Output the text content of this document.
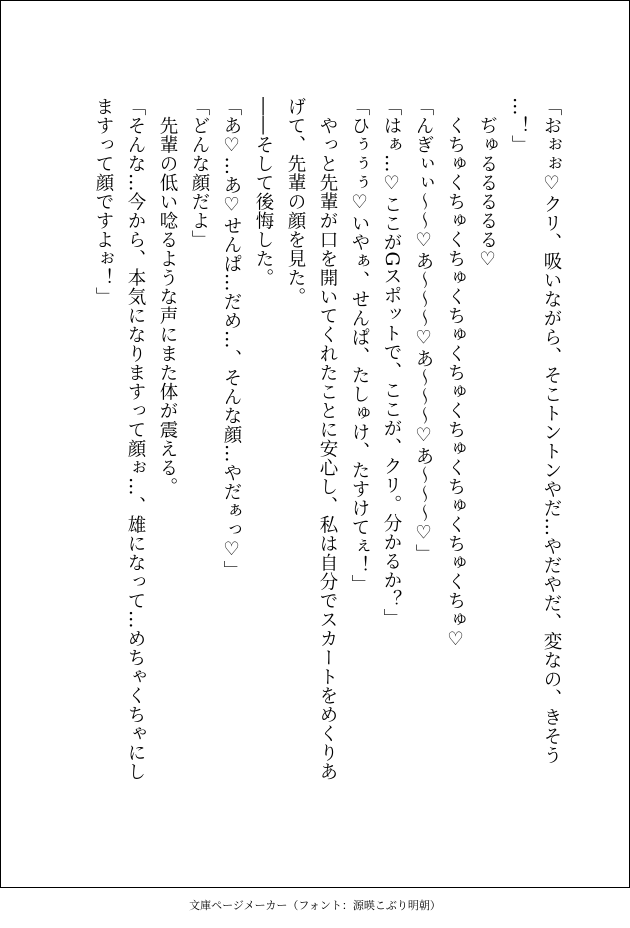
「おぉぉ♡クリ、吸いながら、そこトントンやだ…やだやだ、変なの、きそう
…！」
ぢゅるるるるる♡
くちゅくちゅくちゅくちゅくちゅくちゅくちゅくちゅくちゅ♡
「んぎぃぃ～～♡あ～～～♡あ～～～♡あ～～～♡」
「はぁ…♡ここがGスポットで、ここが、クリ。分かるか？」
「ひぅぅぅ♡いやぁ、せんぱ、たしゅけ、たすけてぇ！」
やっと先輩が口を開いてくれたことに安心し、私は自分でスカートをめくりあ
げて、先輩の顔を見た。
――そして後悔した。
「あ♡…あ♡せんぱ…だめ…、そんな顔…やだぁっ♡」
「どんな顔だよ」
先輩の低い唸るような声にまた体が震える。
「そんな…今から、本気になりますって顔ぉ…、雄になって…めちゃくちゃにし
ますって顔ですよぉ！」
文庫ページメーカー（フォント：源暎こぶり明朝）
